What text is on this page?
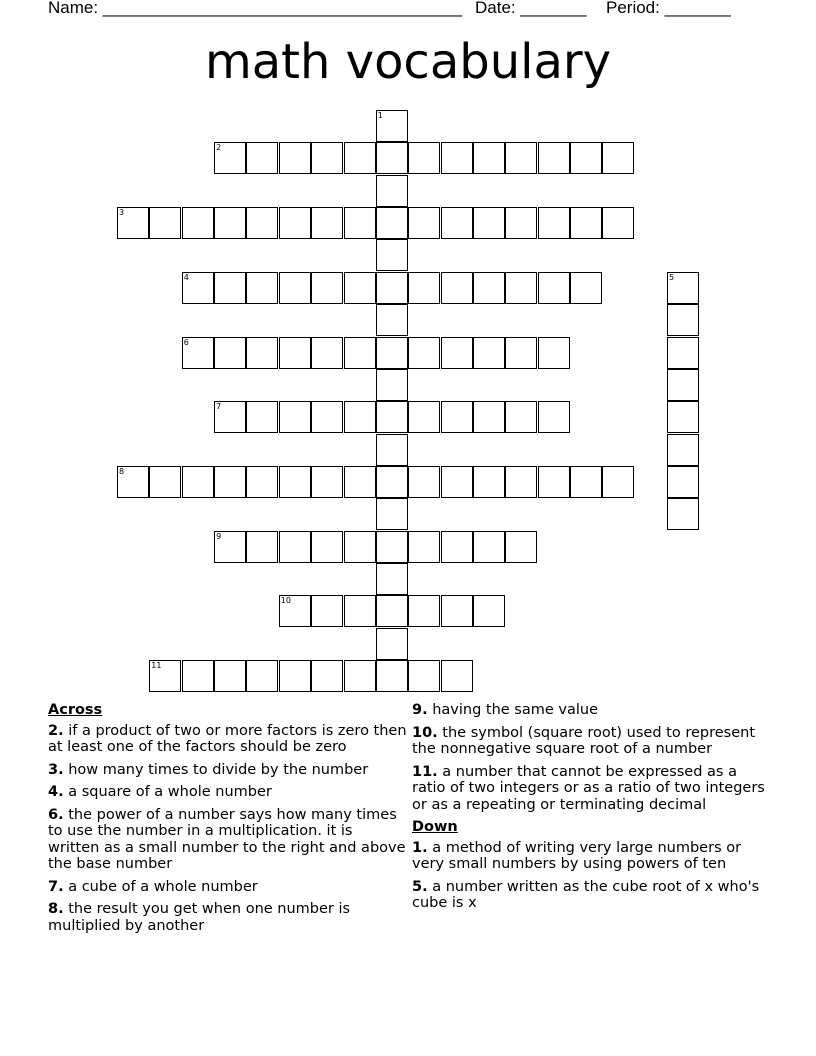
Name: ______________________________________ Date: _______ Period: _______
math vocabulary
1
2
3
4	5
6
7
8
9
10
11
Across
2. if a product of two or more factors is zero then at least one of the factors should be zero
3. how many times to divide by the number
4. a square of a whole number
6. the power of a number says how many times to use the number in a multiplication. it is written as a small number to the right and above the base number
7. a cube of a whole number
8. the result you get when one number is multiplied by another
9. having the same value
10. the symbol (square root) used to represent the nonnegative square root of a number
11. a number that cannot be expressed as a ratio of two integers or as a ratio of two integers or as a repeating or terminating decimal
Down
1. a method of writing very large numbers or very small numbers by using powers of ten
5. a number written as the cube root of x who's cube is x
